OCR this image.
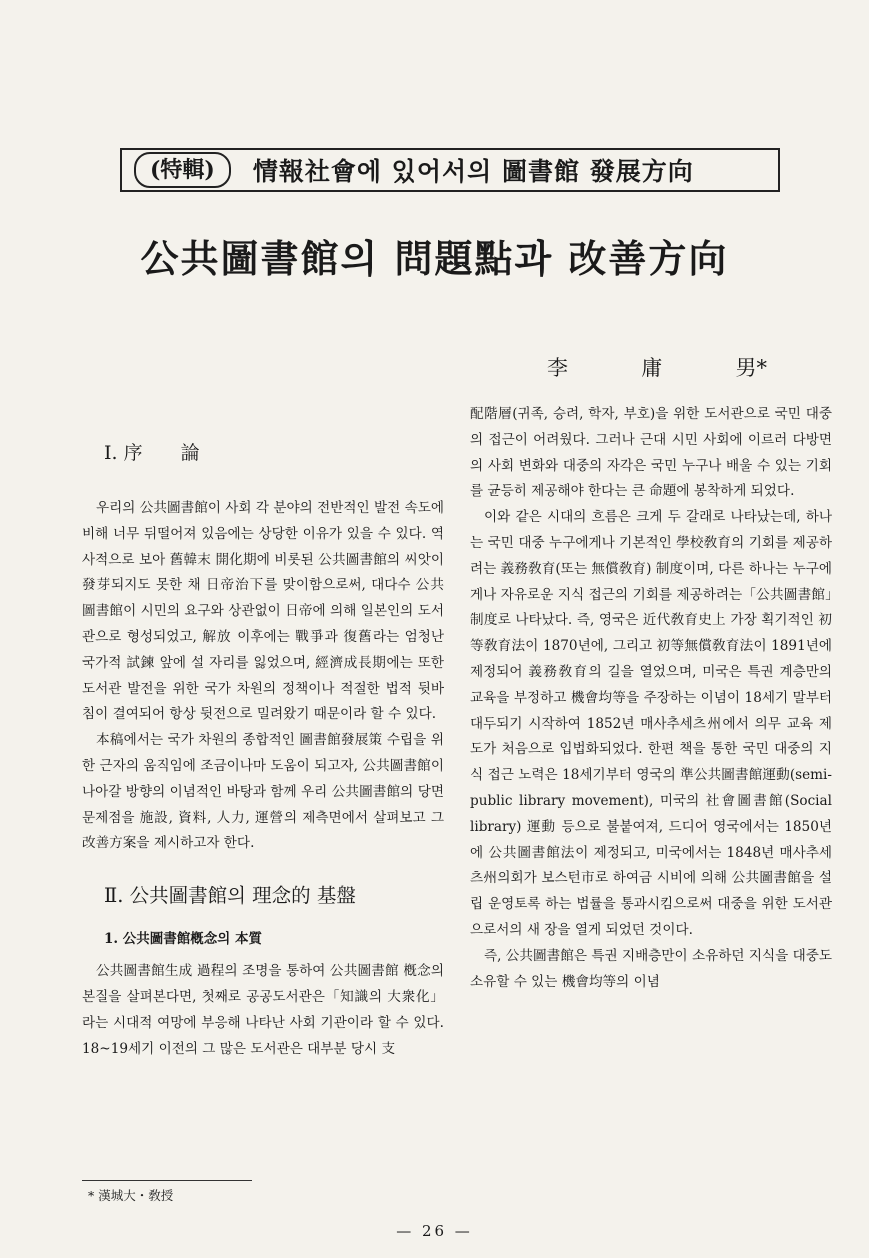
(特輯)	情報社會에 있어서의 圖書館 發展方向
公共圖書館의 問題點과 改善方向
李	庸	男*
Ⅰ. 序　　論

우리의 公共圖書館이 사회 각 분야의 전반적인 발전 속도에 비해 너무 뒤떨어져 있음에는 상당한 이유가 있을 수 있다. 역사적으로 보아 舊韓末 開化期에 비롯된 公共圖書館의 씨앗이 發芽되지도 못한 채 日帝治下를 맞이함으로써, 대다수 公共圖書館이 시민의 요구와 상관없이 日帝에 의해 일본인의 도서관으로 형성되었고, 解放 이후에는 戰爭과 復舊라는 엄청난 국가적 試鍊 앞에 설 자리를 잃었으며, 經濟成長期에는 또한 도서관 발전을 위한 국가 차원의 정책이나 적절한 법적 뒷바침이 결여되어 항상 뒷전으로 밀려왔기 때문이라 할 수 있다.

本稿에서는 국가 차원의 종합적인 圖書館發展策 수립을 위한 근자의 움직임에 조금이나마 도움이 되고자, 公共圖書館이 나아갈 방향의 이념적인 바탕과 함께 우리 公共圖書館의 당면 문제점을 施設, 資料, 人力, 運營의 제측면에서 살펴보고 그 改善方案을 제시하고자 한다.

Ⅱ. 公共圖書館의 理念的 基盤
1. 公共圖書館槪念의 本質

公共圖書館生成 過程의 조명을 통하여 公共圖書館 槪念의 본질을 살펴본다면, 첫째로 공공도서관은「知識의 大衆化」라는 시대적 여망에 부응해 나타난 사회 기관이라 할 수 있다. 18~19세기 이전의 그 많은 도서관은 대부분 당시 支

配階層(귀족, 승려, 학자, 부호)을 위한 도서관으로 국민 대중의 접근이 어려웠다. 그러나 근대 시민 사회에 이르러 다방면의 사회 변화와 대중의 자각은 국민 누구나 배울 수 있는 기회를 균등히 제공해야 한다는 큰 命題에 봉착하게 되었다.

이와 같은 시대의 흐름은 크게 두 갈래로 나타났는데, 하나는 국민 대중 누구에게나 기본적인 學校敎育의 기회를 제공하려는 義務敎育(또는 無償敎育) 制度이며, 다른 하나는 누구에게나 자유로운 지식 접근의 기회를 제공하려는「公共圖書館」制度로 나타났다. 즉, 영국은 近代敎育史上 가장 획기적인 初等敎育法이 1870년에, 그리고 初等無償敎育法이 1891년에 제정되어 義務敎育의 길을 열었으며, 미국은 특권 계층만의 교육을 부정하고 機會均等을 주장하는 이념이 18세기 말부터 대두되기 시작하여 1852년 매사추세츠州에서 의무 교육 제도가 처음으로 입법화되었다. 한편 책을 통한 국민 대중의 지식 접근 노력은 18세기부터 영국의 準公共圖書館運動(semi-public library movement), 미국의 社會圖書館(Social library) 運動 등으로 불붙여져, 드디어 영국에서는 1850년에 公共圖書館法이 제정되고, 미국에서는 1848년 매사추세츠州의회가 보스턴市로 하여금 시비에 의해 公共圖書館을 설립 운영토록 하는 법률을 통과시킴으로써 대중을 위한 도서관으로서의 새 장을 열게 되었던 것이다.

즉, 公共圖書館은 특권 지배층만이 소유하던 지식을 대중도 소유할 수 있는 機會均等의 이념

* 漢城大・敎授
— 26 —
